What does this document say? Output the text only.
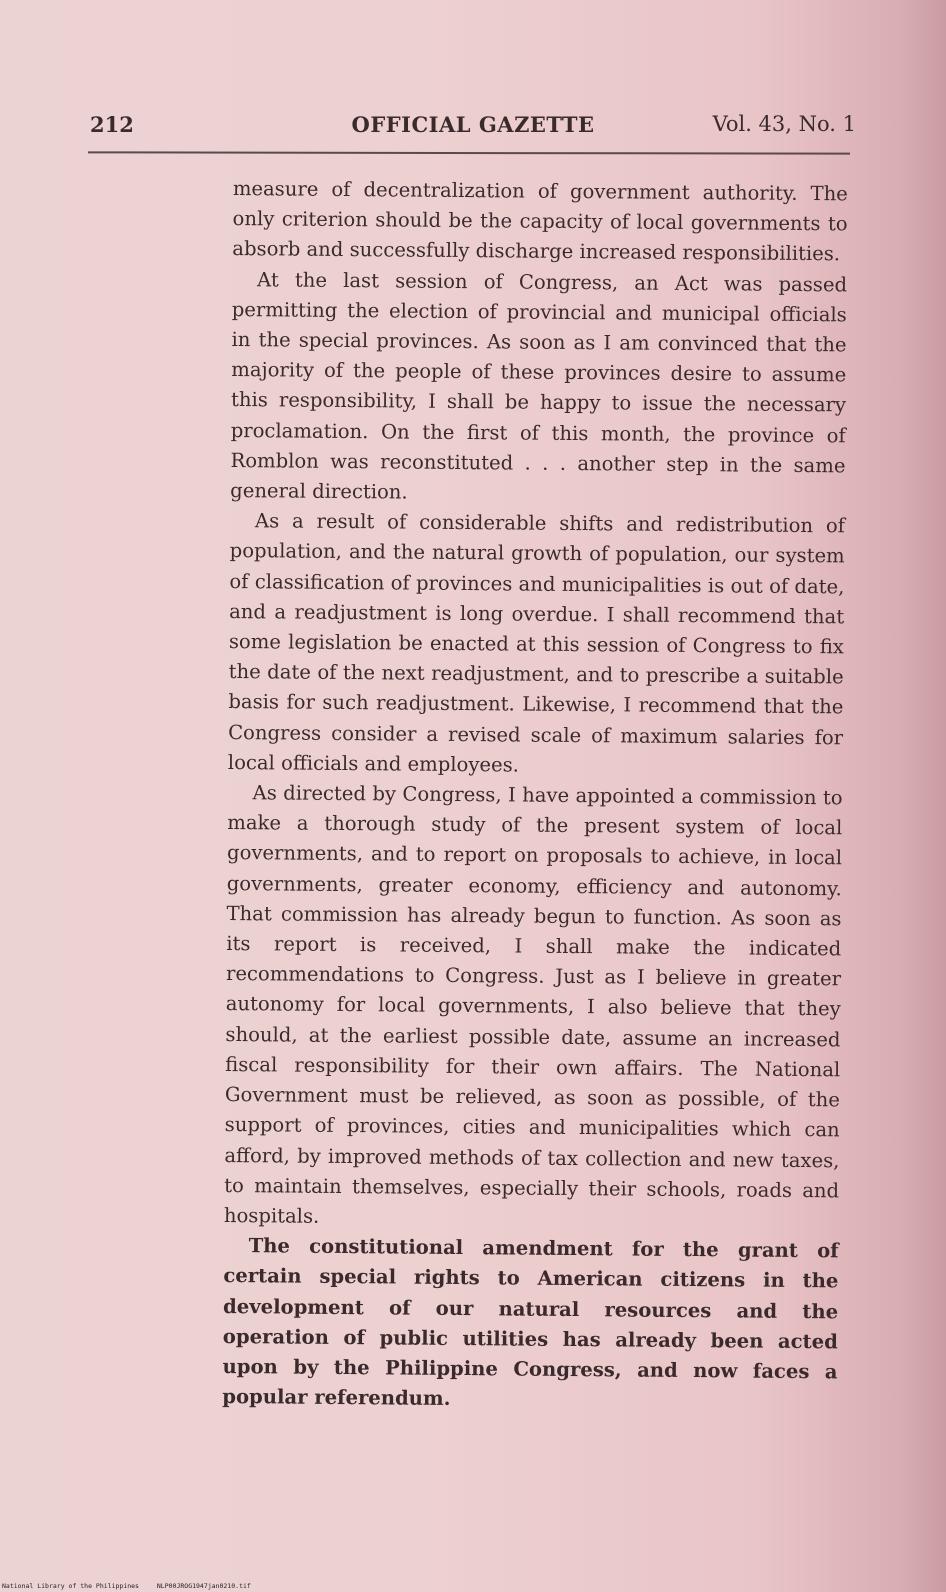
212	OFFICIAL GAZETTE	Vol. 43, No. 1

measure of decentralization of government authority. The only criterion should be the capacity of local governments to absorb and successfully discharge increased responsibilities.

At the last session of Congress, an Act was passed permitting the election of provincial and municipal officials in the special provinces. As soon as I am convinced that the majority of the people of these provinces desire to assume this responsibility, I shall be happy to issue the necessary proclamation. On the first of this month, the province of Romblon was reconstituted . . . another step in the same general direction.

As a result of considerable shifts and redistribution of population, and the natural growth of population, our system of classification of provinces and municipalities is out of date, and a readjustment is long overdue. I shall recommend that some legislation be enacted at this session of Congress to fix the date of the next readjustment, and to prescribe a suitable basis for such readjustment. Likewise, I recommend that the Congress consider a revised scale of maximum salaries for local officials and employees.

As directed by Congress, I have appointed a commission to make a thorough study of the present system of local governments, and to report on proposals to achieve, in local governments, greater economy, efficiency and autonomy. That commission has already begun to function. As soon as its report is received, I shall make the indicated recommendations to Congress. Just as I believe in greater autonomy for local governments, I also believe that they should, at the earliest possible date, assume an increased fiscal responsibility for their own affairs. The National Government must be relieved, as soon as possible, of the support of provinces, cities and municipalities which can afford, by improved methods of tax collection and new taxes, to maintain themselves, especially their schools, roads and hospitals.

The constitutional amendment for the grant of certain special rights to American citizens in the development of our natural resources and the operation of public utilities has already been acted upon by the Philippine Congress, and now faces a popular referendum.

National Library of the Philippines	NLP00JROG1947jan0210.tif
